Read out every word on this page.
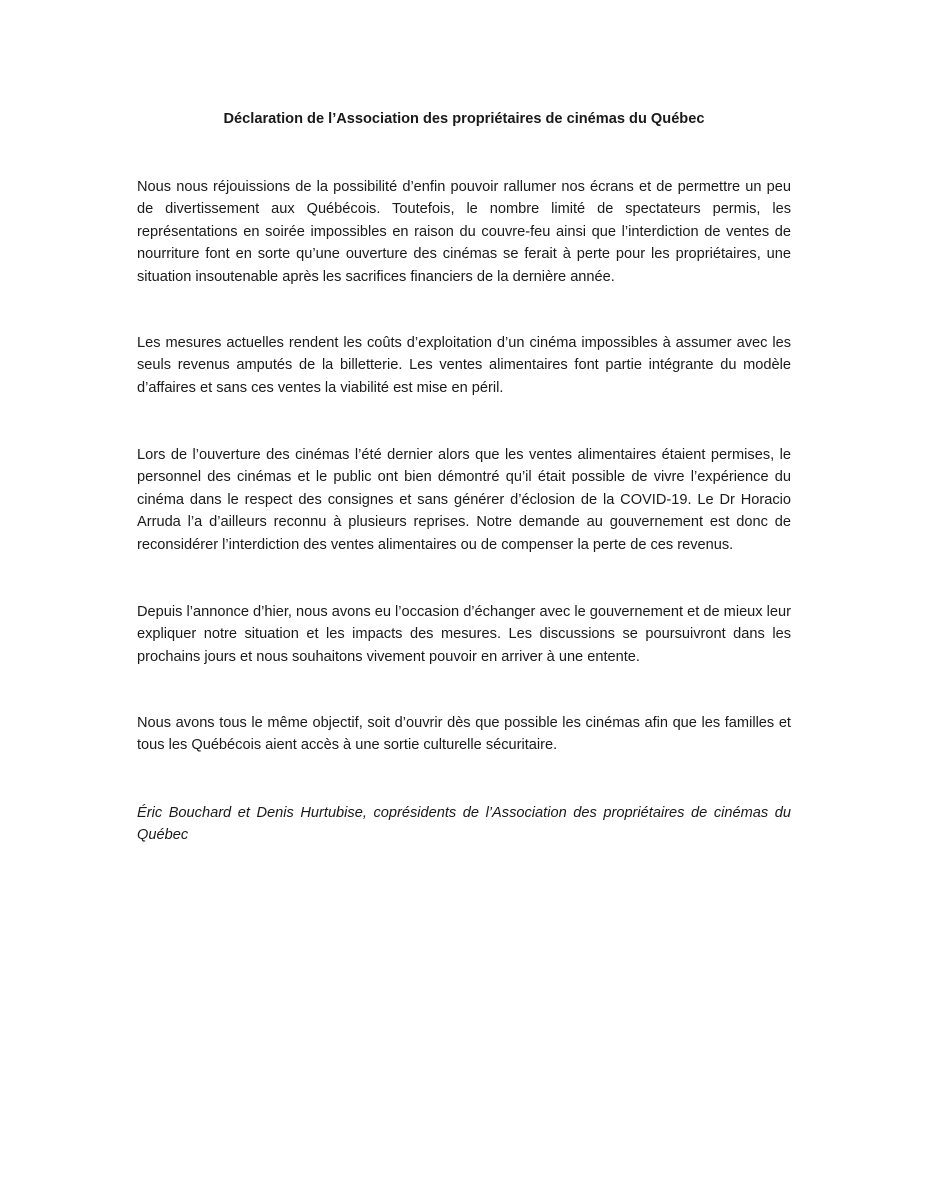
Déclaration de l’Association des propriétaires de cinémas du Québec

Nous nous réjouissions de la possibilité d’enfin pouvoir rallumer nos écrans et de permettre un peu de divertissement aux Québécois. Toutefois, le nombre limité de spectateurs permis, les représentations en soirée impossibles en raison du couvre-feu ainsi que l’interdiction de ventes de nourriture font en sorte qu’une ouverture des cinémas se ferait à perte pour les propriétaires, une situation insoutenable après les sacrifices financiers de la dernière année.

Les mesures actuelles rendent les coûts d’exploitation d’un cinéma impossibles à assumer avec les seuls revenus amputés de la billetterie. Les ventes alimentaires font partie intégrante du modèle d’affaires et sans ces ventes la viabilité est mise en péril.

Lors de l’ouverture des cinémas l’été dernier alors que les ventes alimentaires étaient permises, le personnel des cinémas et le public ont bien démontré qu’il était possible de vivre l’expérience du cinéma dans le respect des consignes et sans générer d’éclosion de la COVID-19. Le Dr Horacio Arruda l’a d’ailleurs reconnu à plusieurs reprises. Notre demande au gouvernement est donc de reconsidérer l’interdiction des ventes alimentaires ou de compenser la perte de ces revenus.

Depuis l’annonce d’hier, nous avons eu l’occasion d’échanger avec le gouvernement et de mieux leur expliquer notre situation et les impacts des mesures. Les discussions se poursuivront dans les prochains jours et nous souhaitons vivement pouvoir en arriver à une entente.

Nous avons tous le même objectif, soit d’ouvrir dès que possible les cinémas afin que les familles et tous les Québécois aient accès à une sortie culturelle sécuritaire.

Éric Bouchard et Denis Hurtubise, coprésidents de l’Association des propriétaires de cinémas du Québec
